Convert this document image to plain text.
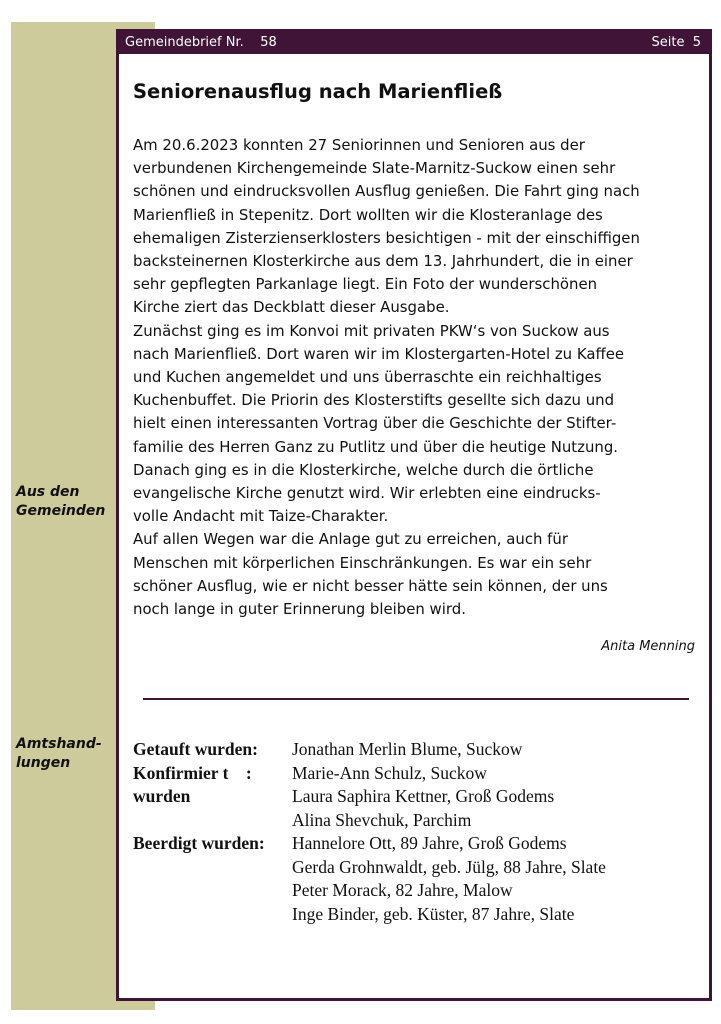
Aus den
Gemeinden
Amtshand-
lungen
Gemeindebrief Nr.    58	Seite  5
Seniorenausflug nach Marienfließ
Am 20.6.2023 konnten 27 Seniorinnen und Senioren aus der
verbundenen Kirchengemeinde Slate-Marnitz-Suckow einen sehr
schönen und eindrucksvollen Ausflug genießen. Die Fahrt ging nach
Marienfließ in Stepenitz. Dort wollten wir die Klosteranlage des
ehemaligen Zisterzienserklosters besichtigen - mit der einschiffigen
backsteinernen Klosterkirche aus dem 13. Jahrhundert, die in einer
sehr gepflegten Parkanlage liegt. Ein Foto der wunderschönen
Kirche ziert das Deckblatt dieser Ausgabe.
Zunächst ging es im Konvoi mit privaten PKW‘s von Suckow aus
nach Marienfließ. Dort waren wir im Klostergarten-Hotel zu Kaffee
und Kuchen angemeldet und uns überraschte ein reichhaltiges
Kuchenbuffet. Die Priorin des Klosterstifts gesellte sich dazu und
hielt einen interessanten Vortrag über die Geschichte der Stifter-
familie des Herren Ganz zu Putlitz und über die heutige Nutzung.
Danach ging es in die Klosterkirche, welche durch die örtliche
evangelische Kirche genutzt wird. Wir erlebten eine eindrucks-
volle Andacht mit Taize-Charakter.
Auf allen Wegen war die Anlage gut zu erreichen, auch für
Menschen mit körperlichen Einschränkungen. Es war ein sehr
schöner Ausflug, wie er nicht besser hätte sein können, der uns
noch lange in guter Erinnerung bleiben wird.
Anita Menning
Getauft wurden: Jonathan Merlin Blume, Suckow
Konfirmier t    : Marie-Ann Schulz, Suckow
wurden	Laura Saphira Kettner, Groß Godems
Alina Shevchuk, Parchim
Beerdigt wurden: Hannelore Ott, 89 Jahre, Groß Godems
Gerda Grohnwaldt, geb. Jülg, 88 Jahre, Slate
Peter Morack, 82 Jahre, Malow
Inge Binder, geb. Küster, 87 Jahre, Slate
